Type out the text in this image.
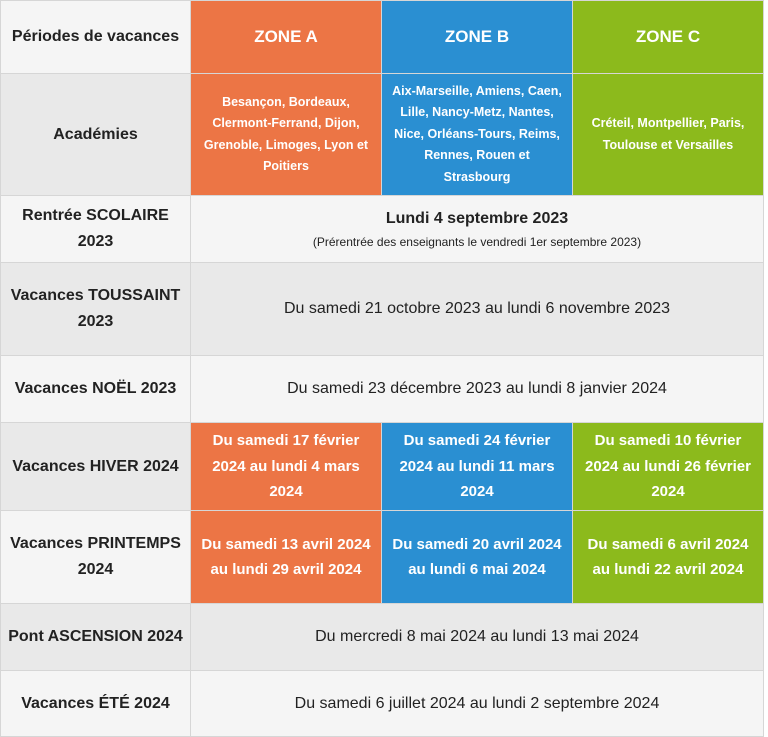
Périodes de vacances	ZONE A	ZONE B	ZONE C
Académies	Besançon, Bordeaux, Clermont-Ferrand, Dijon, Grenoble, Limoges, Lyon et Poitiers	Aix-Marseille, Amiens, Caen, Lille, Nancy-Metz, Nantes, Nice, Orléans-Tours, Reims, Rennes, Rouen et Strasbourg	Créteil, Montpellier, Paris, Toulouse et Versailles
Rentrée SCOLAIRE 2023	Lundi 4 septembre 2023
(Prérentrée des enseignants le vendredi 1er septembre 2023)		

Vacances TOUSSAINT 2023	Du samedi 21 octobre 2023 au lundi 6 novembre 2023		
Vacances NOËL 2023	Du samedi 23 décembre 2023 au lundi 8 janvier 2024		
Vacances HIVER 2024	Du samedi 17 février 2024 au lundi 4 mars 2024	Du samedi 24 février 2024 au lundi 11 mars 2024	Du samedi 10 février 2024 au lundi 26 février 2024
Vacances PRINTEMPS 2024	Du samedi 13 avril 2024 au lundi 29 avril 2024	Du samedi 20 avril 2024 au lundi 6 mai 2024	Du samedi 6 avril 2024 au lundi 22 avril 2024
Pont ASCENSION 2024	Du mercredi 8 mai 2024 au lundi 13 mai 2024		
Vacances ÉTÉ 2024	Du samedi 6 juillet 2024 au lundi 2 septembre 2024		
